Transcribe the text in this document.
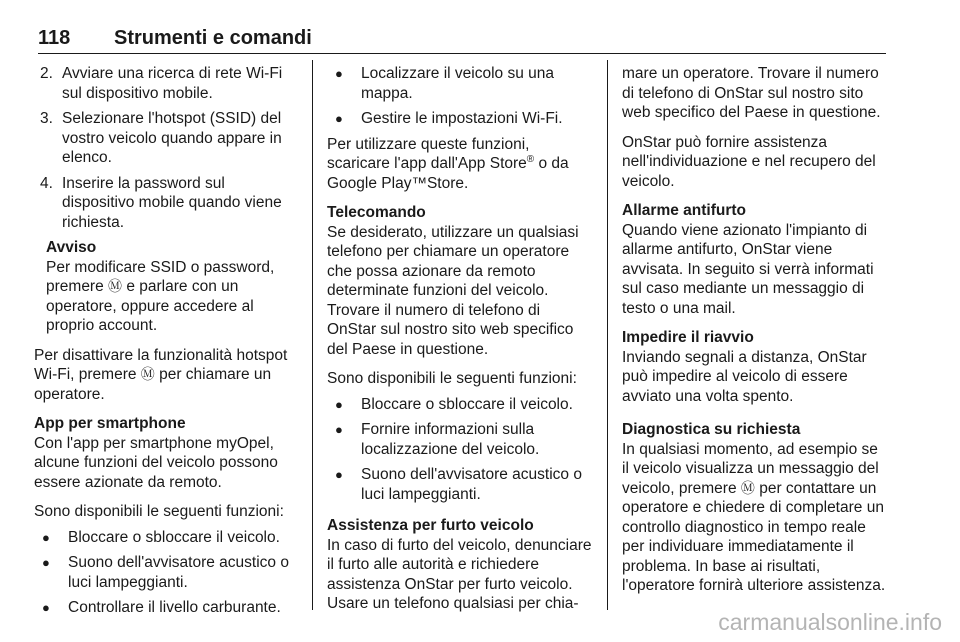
118 Strumenti e comandi
2. Avviare una ricerca di rete Wi-Fi sul dispositivo mobile.
3. Selezionare l'hotspot (SSID) del vostro veicolo quando appare in elenco.
4. Inserire la password sul dispositivo mobile quando viene richiesta.
Avviso
Per modificare SSID o password, premere Ⓜ e parlare con un operatore, oppure accedere al proprio account.

Per disattivare la funzionalità hotspot Wi-Fi, premere Ⓜ per chiamare un operatore.

App per smartphone

Con l'app per smartphone myOpel, alcune funzioni del veicolo possono essere azionate da remoto.

Sono disponibili le seguenti funzioni:
●	Bloccare o sbloccare il veicolo.
●	Suono dell'avvisatore acustico o luci lampeggianti.
●	Controllare il livello carburante.
●	Localizzare il veicolo su una mappa.
●	Gestire le impostazioni Wi-Fi.

Per utilizzare queste funzioni, scaricare l'app dall'App Store® o da Google Play™Store.

Telecomando

Se desiderato, utilizzare un qualsiasi telefono per chiamare un operatore che possa azionare da remoto determinate funzioni del veicolo. Trovare il numero di telefono di OnStar sul nostro sito web specifico del Paese in questione.

Sono disponibili le seguenti funzioni:
●	Bloccare o sbloccare il veicolo.
●	Fornire informazioni sulla localizzazione del veicolo.
●	Suono dell'avvisatore acustico o luci lampeggianti.
Assistenza per furto veicolo

In caso di furto del veicolo, denunciare il furto alle autorità e richiedere assistenza OnStar per furto veicolo. Usare un telefono qualsiasi per chia-

mare un operatore. Trovare il numero di telefono di OnStar sul nostro sito web specifico del Paese in questione.

OnStar può fornire assistenza nell'individuazione e nel recupero del veicolo.

Allarme antifurto

Quando viene azionato l'impianto di allarme antifurto, OnStar viene avvisata. In seguito si verrà informati sul caso mediante un messaggio di testo o una mail.

Impedire il riavvio

Inviando segnali a distanza, OnStar può impedire al veicolo di essere avviato una volta spento.

Diagnostica su richiesta

In qualsiasi momento, ad esempio se il veicolo visualizza un messaggio del veicolo, premere Ⓜ per contattare un operatore e chiedere di completare un controllo diagnostico in tempo reale per individuare immediatamente il problema. In base ai risultati, l'operatore fornirà ulteriore assistenza.

carmanualsonline.info
